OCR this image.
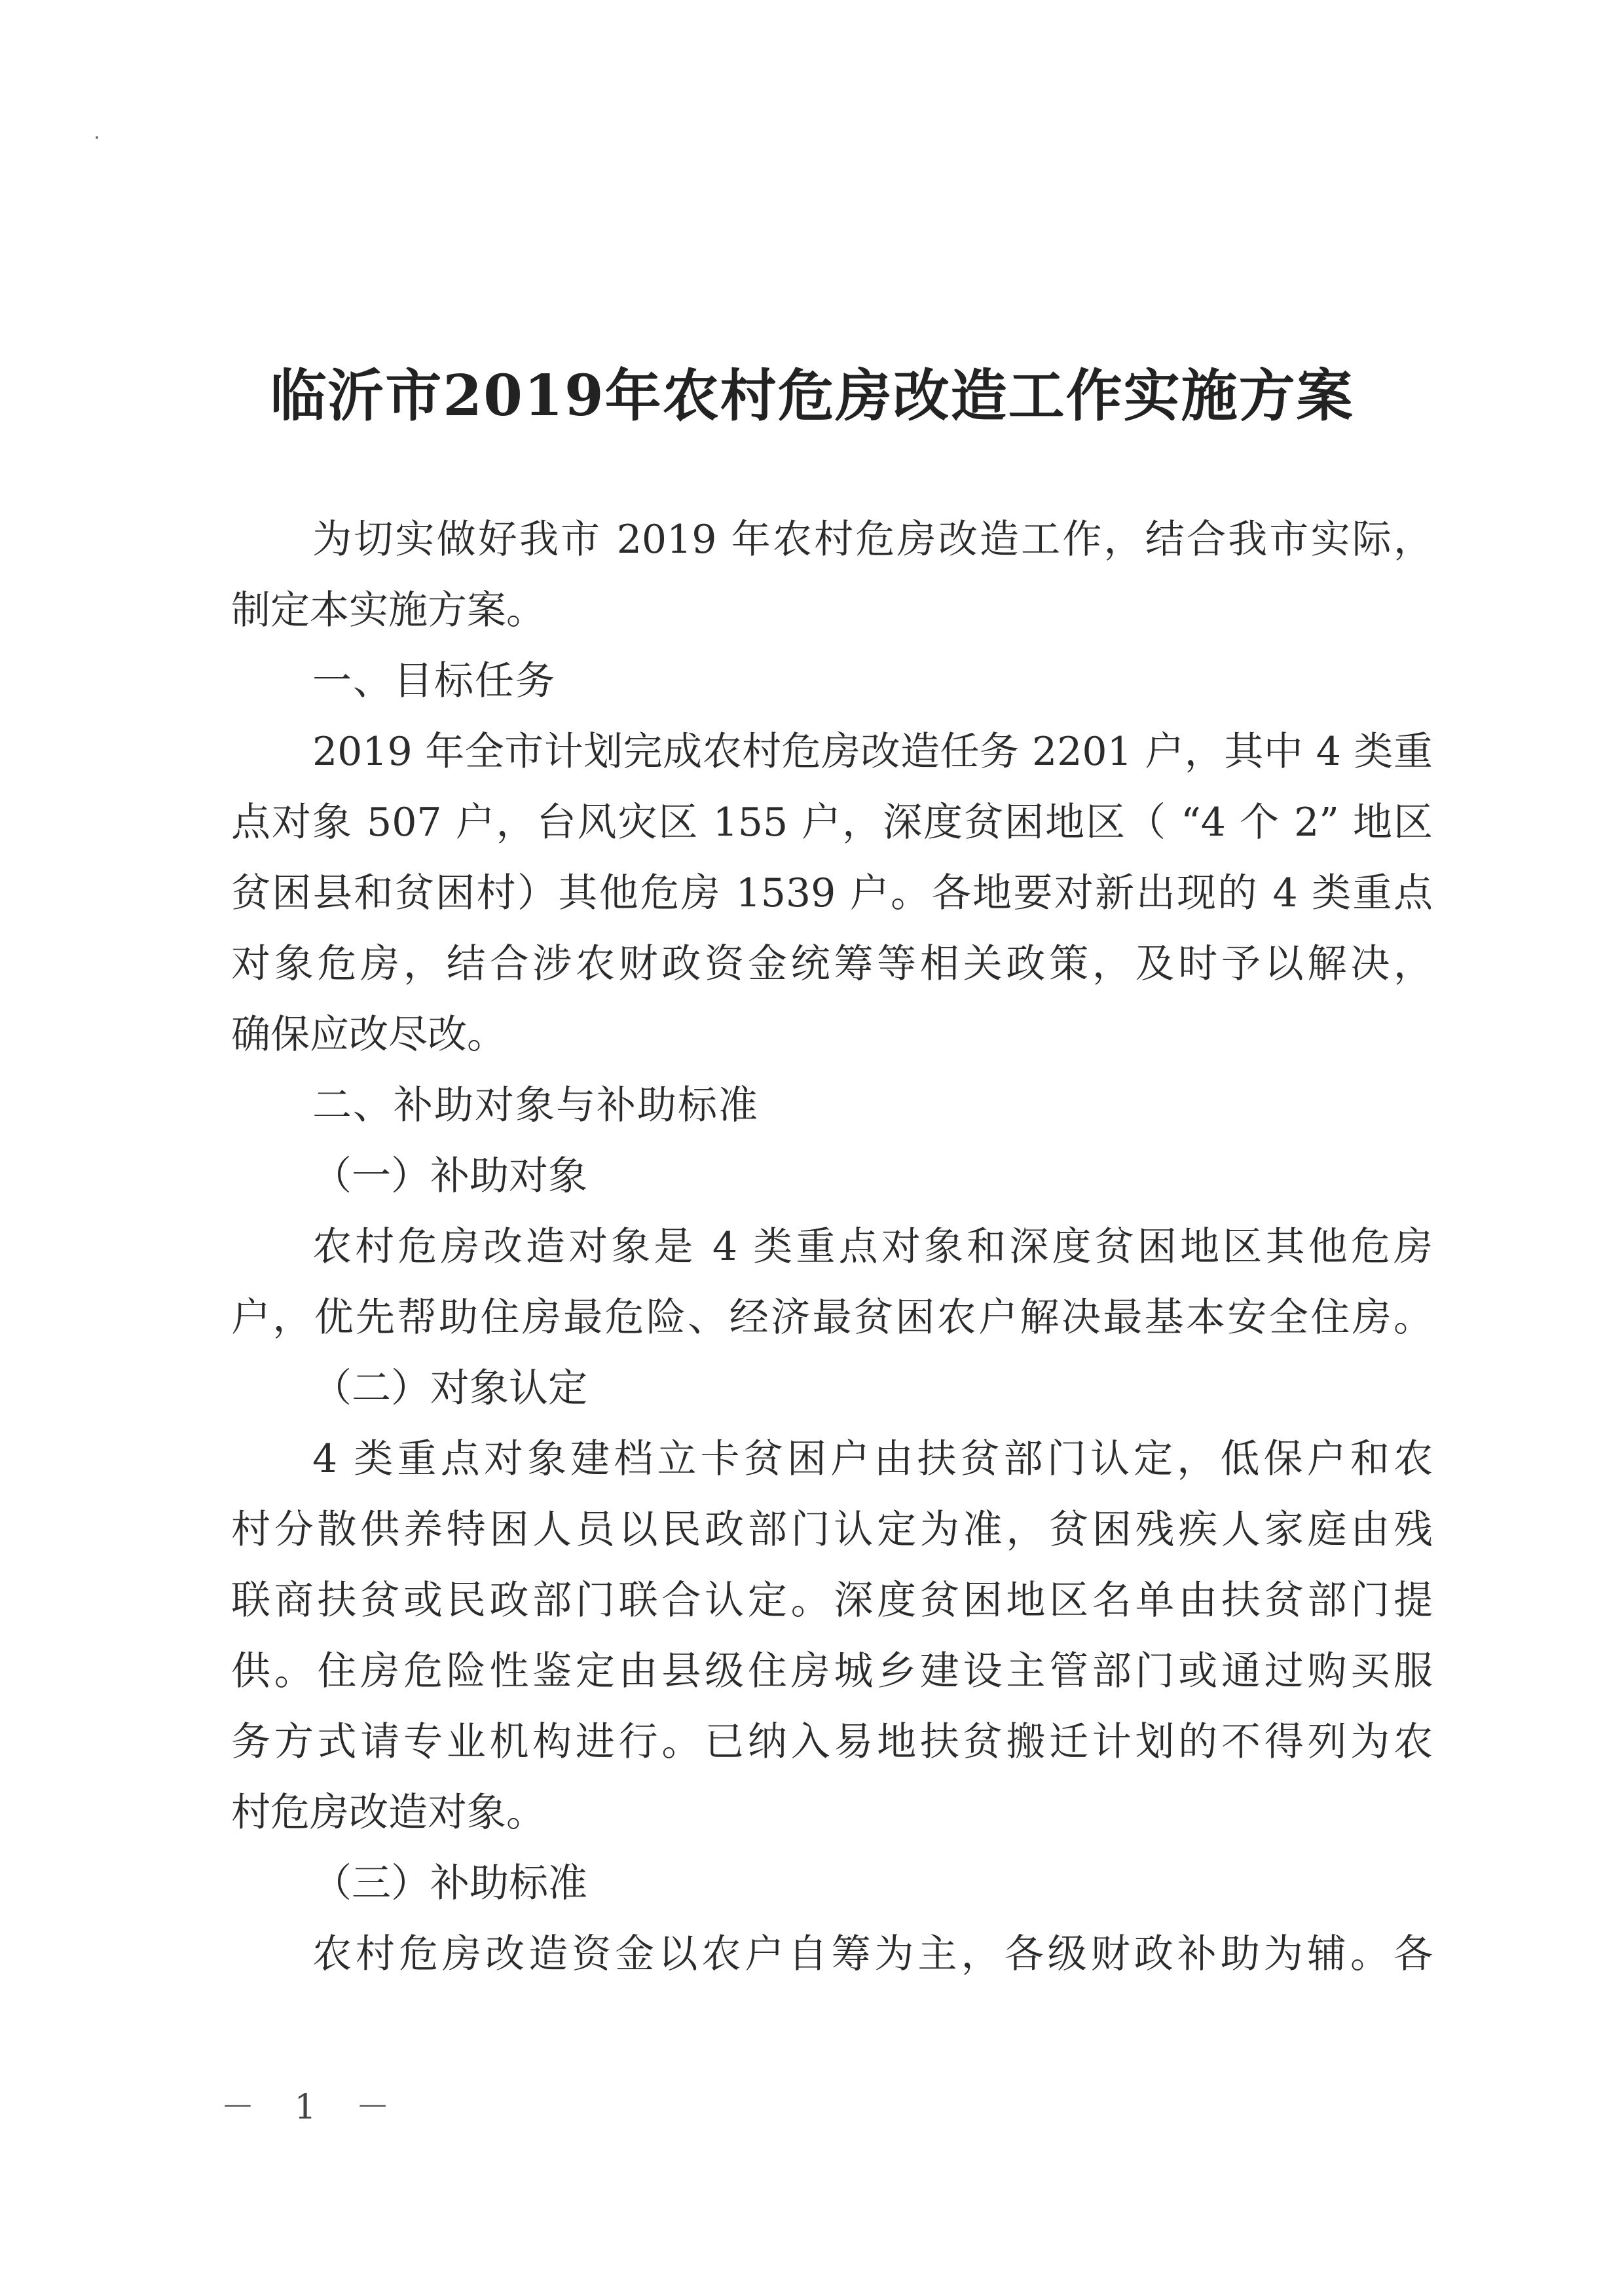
临沂市2019年农村危房改造工作实施方案
为切实做好我市 2019 年农村危房改造工作，结合我市实际，
制定本实施方案。
一、目标任务
2019 年全市计划完成农村危房改造任务 2201 户，其中 4 类重
点对象 507 户，台风灾区 155 户，深度贫困地区（ “4 个 2” 地区
贫困县和贫困村）其他危房 1539 户。各地要对新出现的 4 类重点
对象危房，结合涉农财政资金统筹等相关政策，及时予以解决，
确保应改尽改。
二、补助对象与补助标准
（一）补助对象
农村危房改造对象是 4 类重点对象和深度贫困地区其他危房
户，优先帮助住房最危险、经济最贫困农户解决最基本安全住房。
（二）对象认定
4 类重点对象建档立卡贫困户由扶贫部门认定，低保户和农
村分散供养特困人员以民政部门认定为准，贫困残疾人家庭由残
联商扶贫或民政部门联合认定。深度贫困地区名单由扶贫部门提
供。住房危险性鉴定由县级住房城乡建设主管部门或通过购买服
务方式请专业机构进行。已纳入易地扶贫搬迁计划的不得列为农
村危房改造对象。
（三）补助标准
农村危房改造资金以农户自筹为主，各级财政补助为辅。各
－ 1 －
